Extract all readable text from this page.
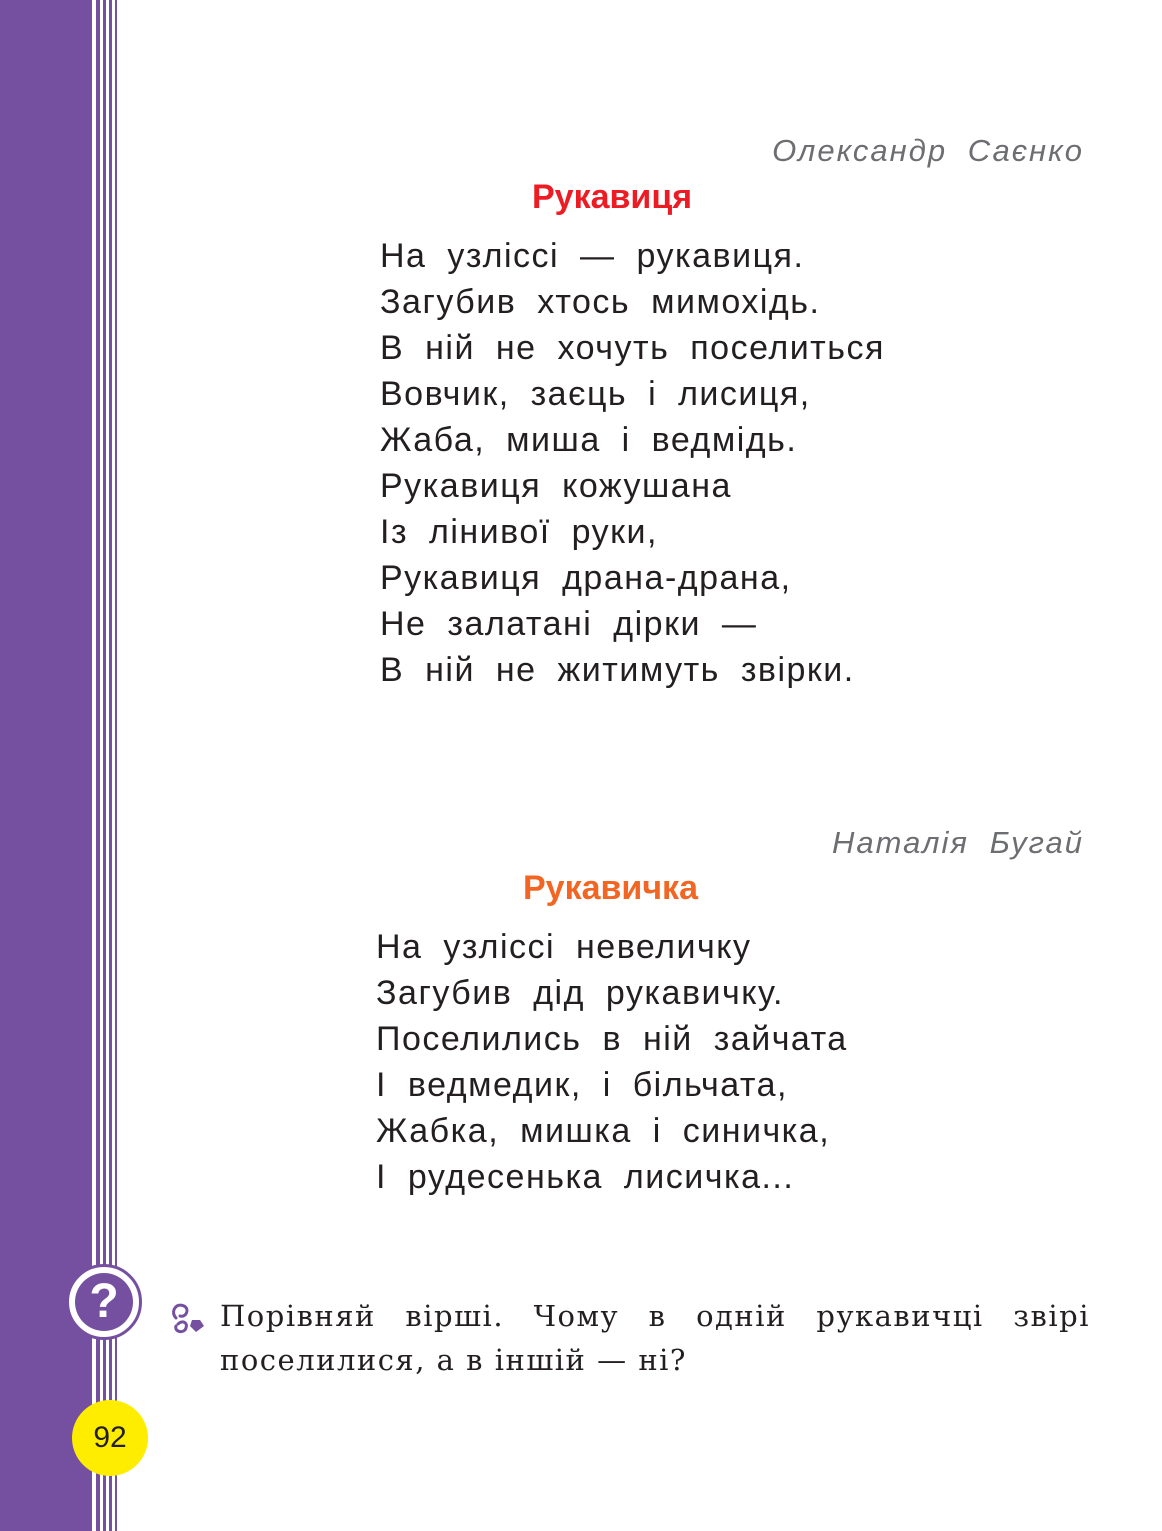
Олександр Саєнко
Рукавиця
На узліссі — рукавиця.
Загубив хтось мимохідь.
В ній не хочуть поселиться
Вовчик, заєць і лисиця,
Жаба, миша і ведмідь.
Рукавиця кожушана
Із лінивої руки,
Рукавиця драна-драна,
Не залатані дірки —
В ній не житимуть звірки.
Наталія Бугай
Рукавичка
На узліссі невеличку
Загубив дід рукавичку.
Поселились в ній зайчата
І ведмедик, і більчата,
Жабка, мишка і синичка,
І рудесенька лисичка...
?	Порівняй вірші. Чому в одній рукавичці звірі поселилися, а в іншій — ні?

92
